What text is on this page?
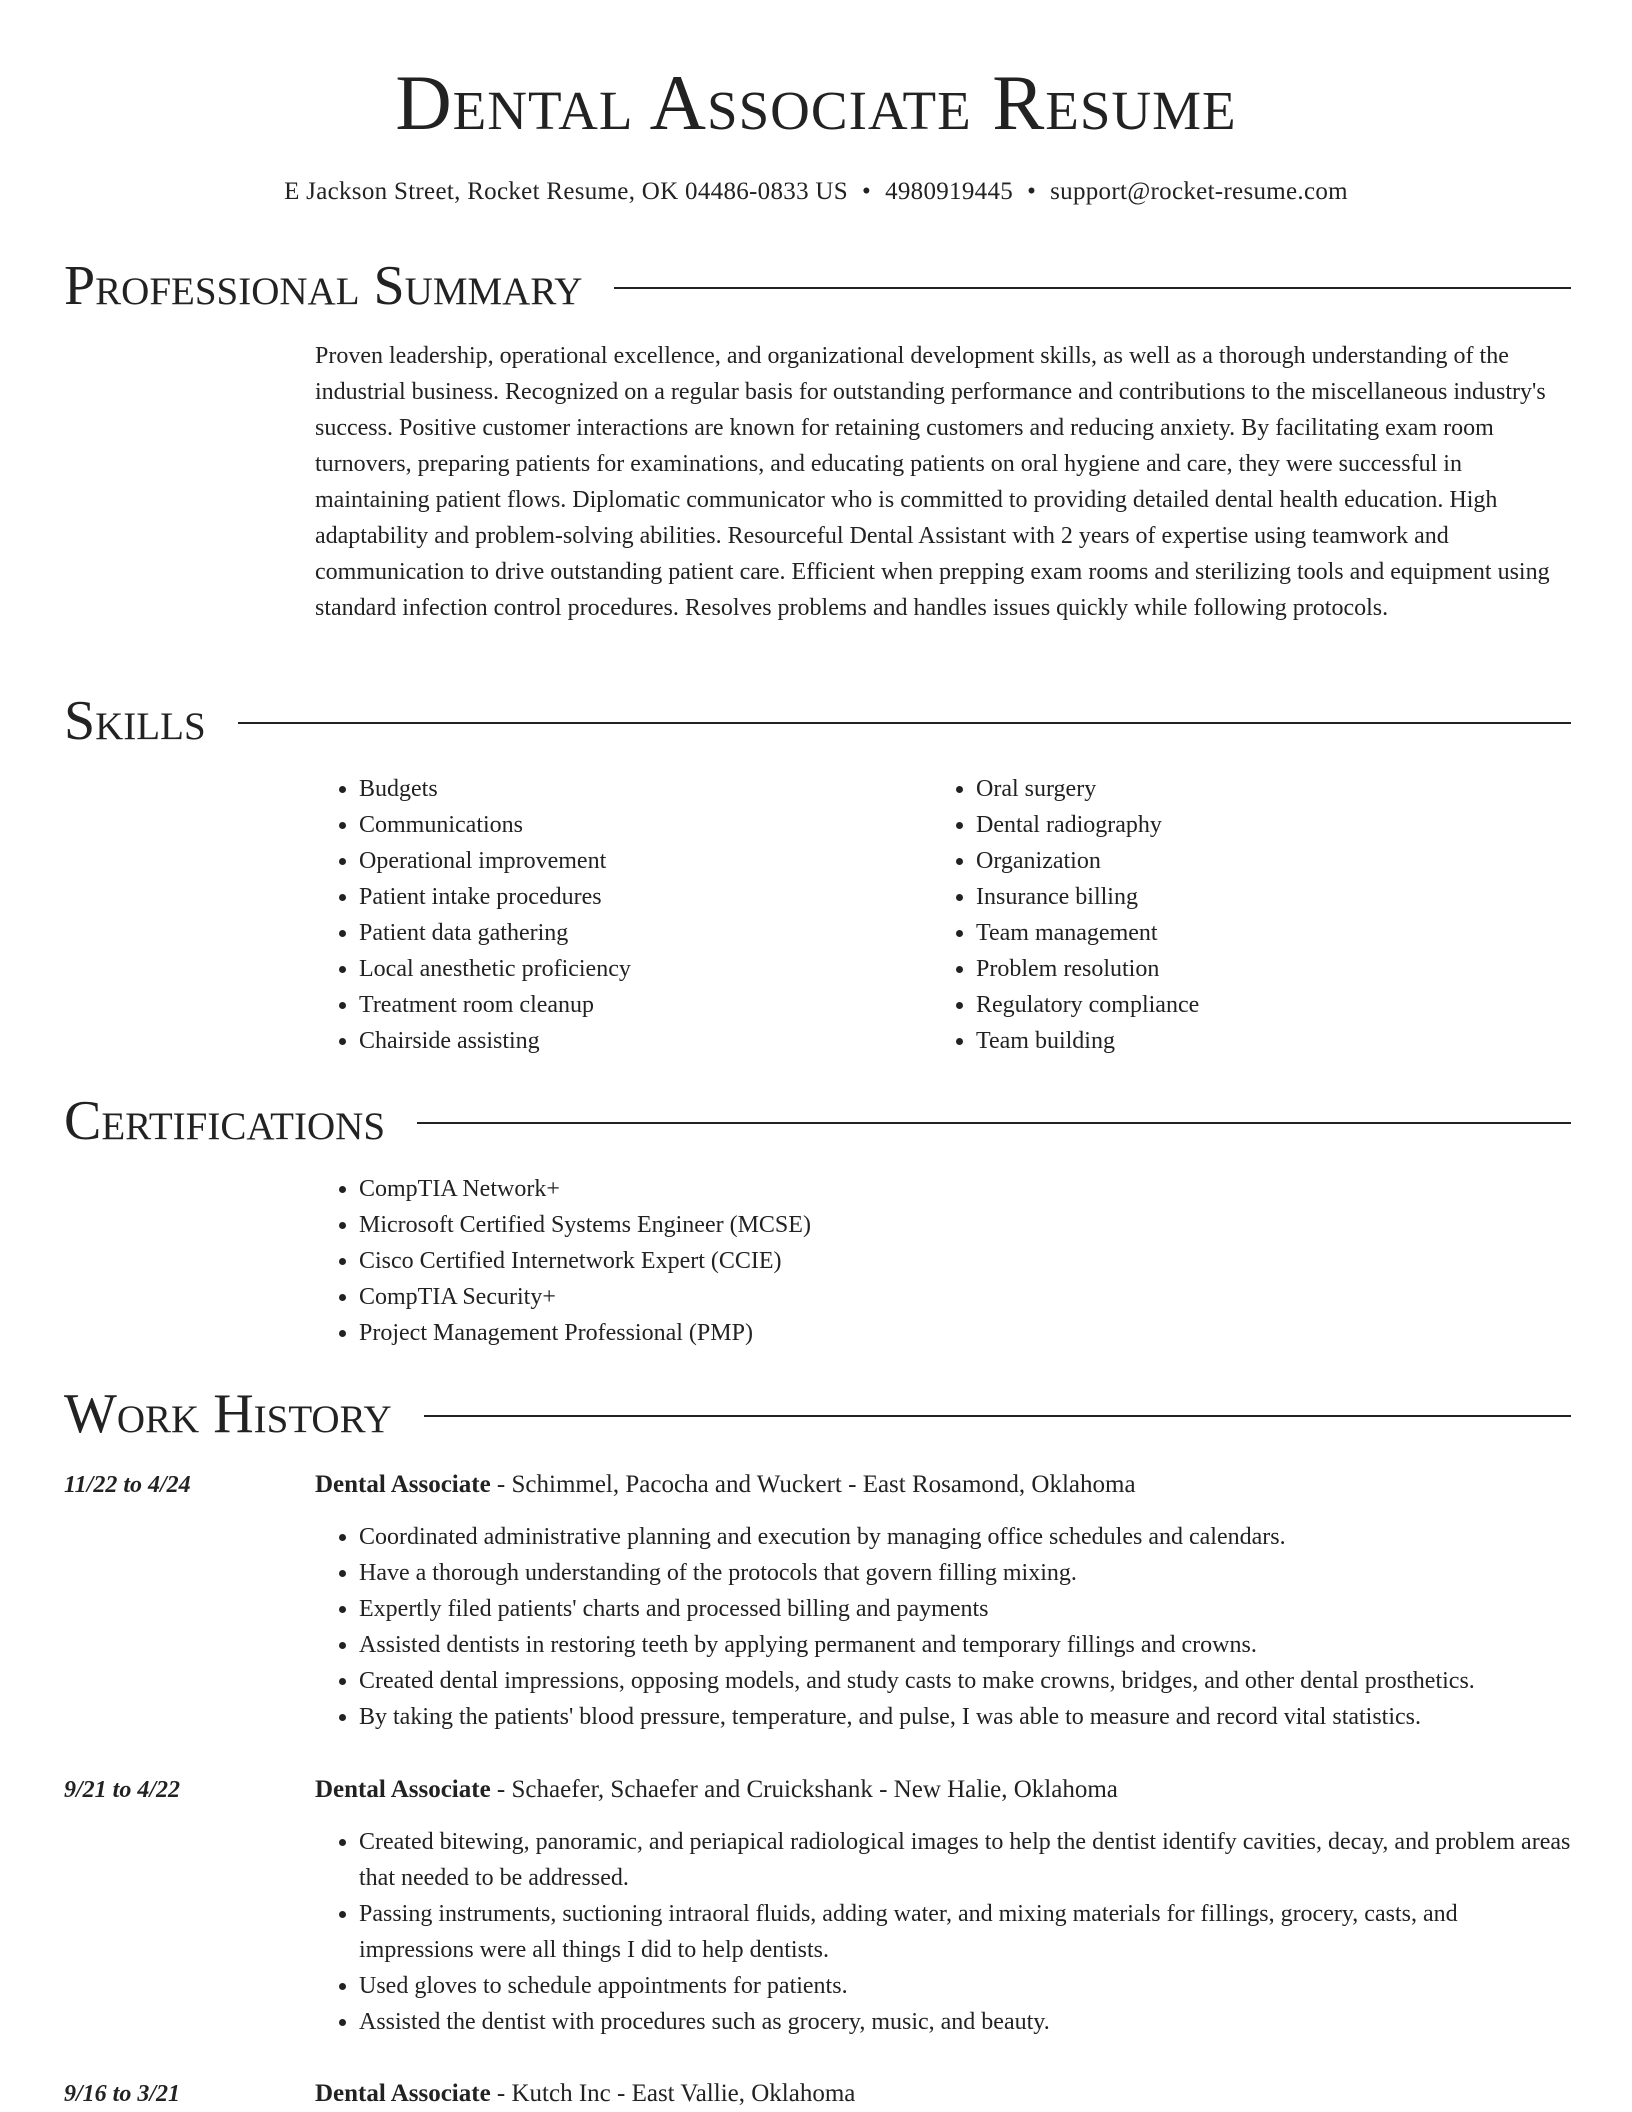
Dental Associate Resume
E Jackson Street, Rocket Resume, OK 04486-0833 US • 4980919445 • support@rocket-resume.com
Professional Summary

Proven leadership, operational excellence, and organizational development skills, as well as a thorough understanding of the industrial business. Recognized on a regular basis for outstanding performance and contributions to the miscellaneous industry's success. Positive customer interactions are known for retaining customers and reducing anxiety. By facilitating exam room turnovers, preparing patients for examinations, and educating patients on oral hygiene and care, they were successful in maintaining patient flows. Diplomatic communicator who is committed to providing detailed dental health education. High adaptability and problem-solving abilities. Resourceful Dental Assistant with 2 years of expertise using teamwork and communication to drive outstanding patient care. Efficient when prepping exam rooms and sterilizing tools and equipment using standard infection control procedures. Resolves problems and handles issues quickly while following protocols.

Skills
• Budgets
• Communications
• Operational improvement
• Patient intake procedures
• Patient data gathering
• Local anesthetic proficiency
• Treatment room cleanup
• Chairside assisting
• Oral surgery
• Dental radiography
• Organization
• Insurance billing
• Team management
• Problem resolution
• Regulatory compliance
• Team building
Certifications
• CompTIA Network+
• Microsoft Certified Systems Engineer (MCSE)
• Cisco Certified Internetwork Expert (CCIE)
• CompTIA Security+
• Project Management Professional (PMP)
Work History
11/22 to 4/24	Dental Associate - Schimmel, Pacocha and Wuckert - East Rosamond, Oklahoma
• Coordinated administrative planning and execution by managing office schedules and calendars.
• Have a thorough understanding of the protocols that govern filling mixing.
• Expertly filed patients' charts and processed billing and payments
• Assisted dentists in restoring teeth by applying permanent and temporary fillings and crowns.
• Created dental impressions, opposing models, and study casts to make crowns, bridges, and other dental prosthetics.
• By taking the patients' blood pressure, temperature, and pulse, I was able to measure and record vital statistics.
9/21 to 4/22	Dental Associate - Schaefer, Schaefer and Cruickshank - New Halie, Oklahoma
• Created bitewing, panoramic, and periapical radiological images to help the dentist identify cavities, decay, and problem areas that needed to be addressed.
• Passing instruments, suctioning intraoral fluids, adding water, and mixing materials for fillings, grocery, casts, and impressions were all things I did to help dentists.
• Used gloves to schedule appointments for patients.
• Assisted the dentist with procedures such as grocery, music, and beauty.
9/16 to 3/21	Dental Associate - Kutch Inc - East Vallie, Oklahoma
